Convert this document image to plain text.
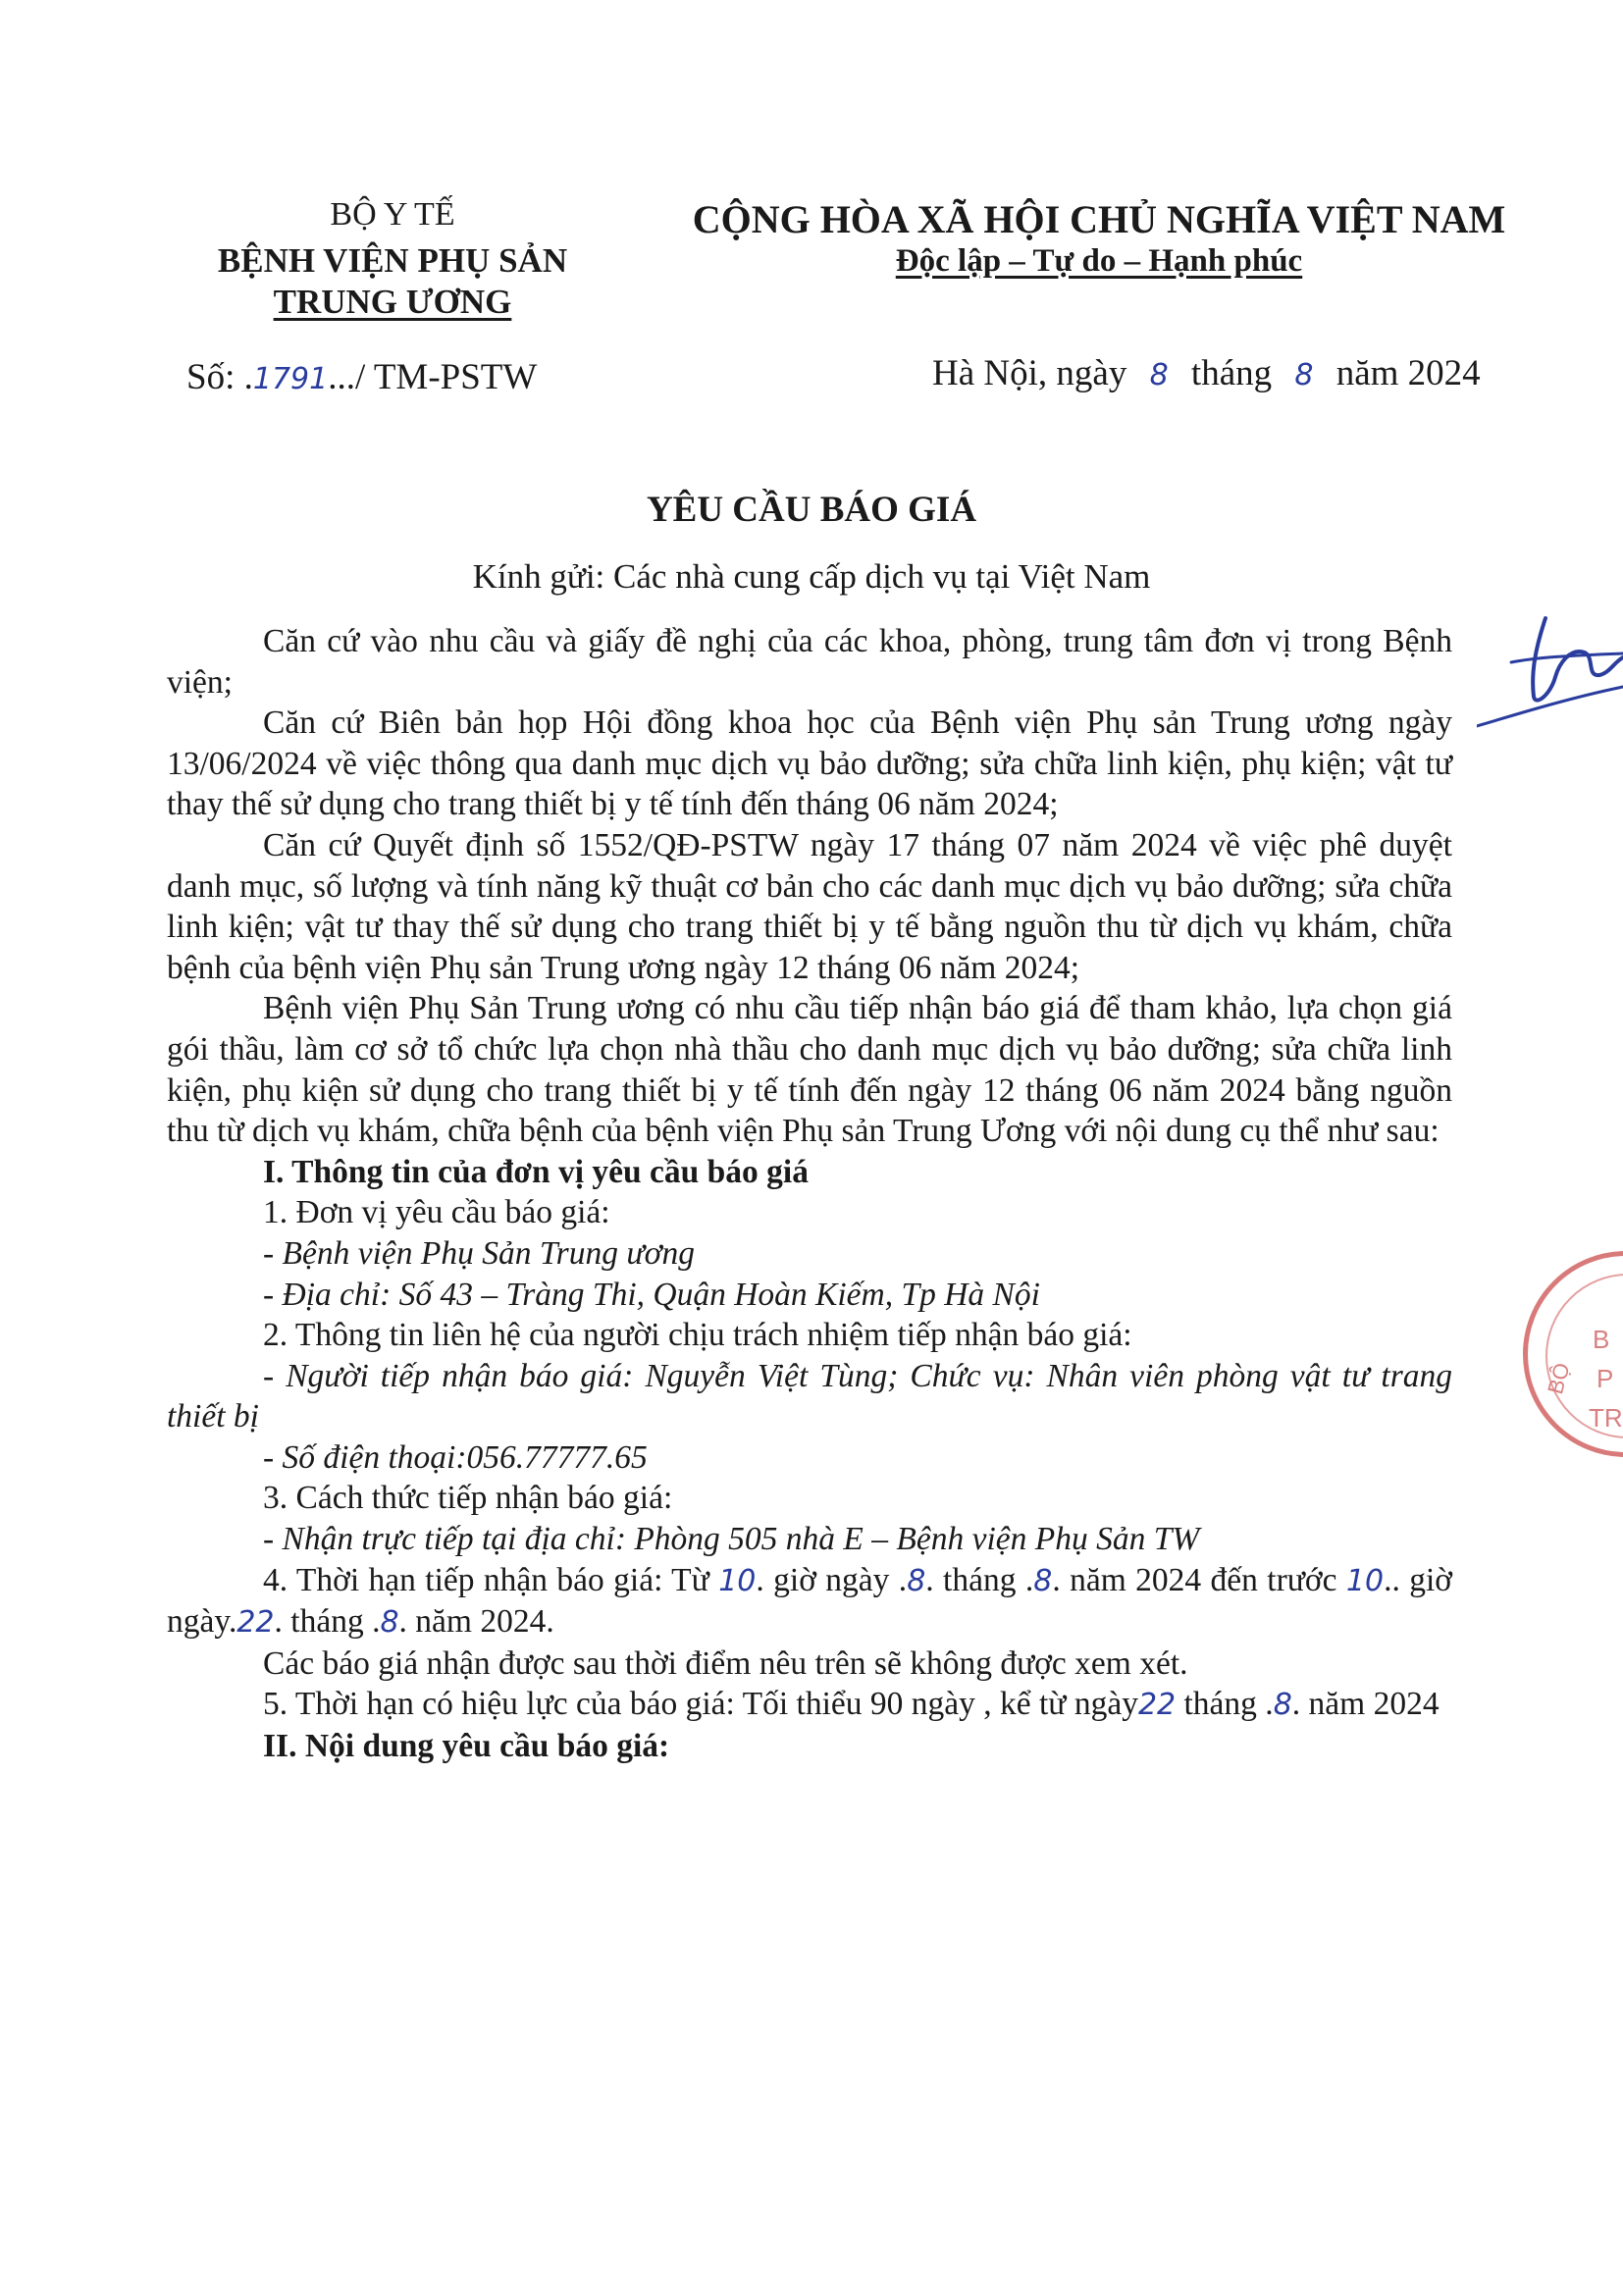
BỘ Y TẾ
BỆNH VIỆN PHỤ SẢN
TRUNG ƯƠNG
CỘNG HÒA XÃ HỘI CHỦ NGHĨA VIỆT NAM
Độc lập – Tự do – Hạnh phúc
Số: .1791.../ TM-PSTW	Hà Nội, ngày 8 tháng 8 năm 2024
YÊU CẦU BÁO GIÁ
Kính gửi: Các nhà cung cấp dịch vụ tại Việt Nam

Căn cứ vào nhu cầu và giấy đề nghị của các khoa, phòng, trung tâm đơn vị trong Bệnh viện;

Căn cứ Biên bản họp Hội đồng khoa học của Bệnh viện Phụ sản Trung ương ngày 13/06/2024 về việc thông qua danh mục dịch vụ bảo dưỡng; sửa chữa linh kiện, phụ kiện; vật tư thay thế sử dụng cho trang thiết bị y tế tính đến tháng 06 năm 2024;

Căn cứ Quyết định số 1552/QĐ-PSTW ngày 17 tháng 07 năm 2024 về việc phê duyệt danh mục, số lượng và tính năng kỹ thuật cơ bản cho các danh mục dịch vụ bảo dưỡng; sửa chữa linh kiện; vật tư thay thế sử dụng cho trang thiết bị y tế bằng nguồn thu từ dịch vụ khám, chữa bệnh của bệnh viện Phụ sản Trung ương ngày 12 tháng 06 năm 2024;

Bệnh viện Phụ Sản Trung ương có nhu cầu tiếp nhận báo giá để tham khảo, lựa chọn giá gói thầu, làm cơ sở tổ chức lựa chọn nhà thầu cho danh mục dịch vụ bảo dưỡng; sửa chữa linh kiện, phụ kiện sử dụng cho trang thiết bị y tế tính đến ngày 12 tháng 06 năm 2024 bằng nguồn thu từ dịch vụ khám, chữa bệnh của bệnh viện Phụ sản Trung Ương với nội dung cụ thể như sau:

I. Thông tin của đơn vị yêu cầu báo giá
1. Đơn vị yêu cầu báo giá:
- Bệnh viện Phụ Sản Trung ương
- Địa chỉ: Số 43 – Tràng Thi, Quận Hoàn Kiếm, Tp Hà Nội
2. Thông tin liên hệ của người chịu trách nhiệm tiếp nhận báo giá:

- Người tiếp nhận báo giá: Nguyễn Việt Tùng; Chức vụ: Nhân viên phòng vật tư trang thiết bị

- Số điện thoại:056.77777.65
3. Cách thức tiếp nhận báo giá:
- Nhận trực tiếp tại địa chỉ: Phòng 505 nhà E – Bệnh viện Phụ Sản TW

4. Thời hạn tiếp nhận báo giá: Từ 10. giờ ngày .8. tháng .8. năm 2024 đến trước 10.. giờ ngày.22. tháng .8. năm 2024.

Các báo giá nhận được sau thời điểm nêu trên sẽ không được xem xét.

5. Thời hạn có hiệu lực của báo giá: Tối thiểu 90 ngày , kể từ ngày22 tháng .8. năm 2024

II. Nội dung yêu cầu báo giá:
B
P
TR
BỘ
